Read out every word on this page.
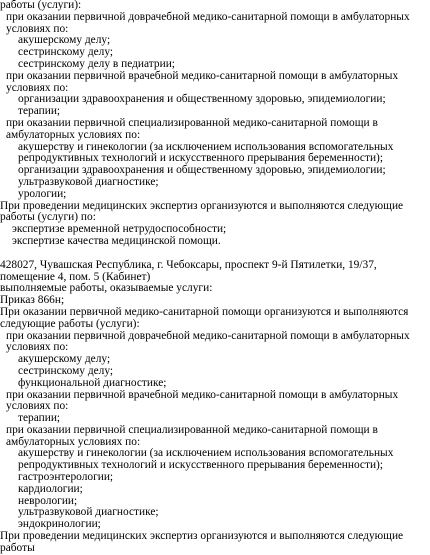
работы (услуги):

при оказании первичной доврачебной медико-санитарной помощи в амбулаторных условиях по:

акушерскому делу;

сестринскому делу;

сестринскому делу в педиатрии;

при оказании первичной врачебной медико-санитарной помощи в амбулаторных условиях по:

организации здравоохранения и общественному здоровью, эпидемиологии;

терапии;

при оказании первичной специализированной медико-санитарной помощи в амбулаторных условиях по:

акушерству и гинекологии (за исключением использования вспомогательных репродуктивных технологий и искусственного прерывания беременности);

организации здравоохранения и общественному здоровью, эпидемиологии;

ультразвуковой диагностике;

урологии;

При проведении медицинских экспертиз организуются и выполняются следующие работы (услуги) по:

экспертизе временной нетрудоспособности;

экспертизе качества медицинской помощи.

428027, Чувашская Республика, г. Чебоксары, проспект 9-й Пятилетки, 19/37, помещение 4, пом. 5 (Кабинет)

выполняемые работы, оказываемые услуги:

Приказ 866н;

При оказании первичной медико-санитарной помощи организуются и выполняются следующие работы (услуги):

при оказании первичной доврачебной медико-санитарной помощи в амбулаторных условиях по:

акушерскому делу;

сестринскому делу;

функциональной диагностике;

при оказании первичной врачебной медико-санитарной помощи в амбулаторных условиях по:

терапии;

при оказании первичной специализированной медико-санитарной помощи в амбулаторных условиях по:

акушерству и гинекологии (за исключением использования вспомогательных репродуктивных технологий и искусственного прерывания беременности);

гастроэнтерологии;

кардиологии;

неврологии;

ультразвуковой диагностике;

эндокринологии;

При проведении медицинских экспертиз организуются и выполняются следующие работы
